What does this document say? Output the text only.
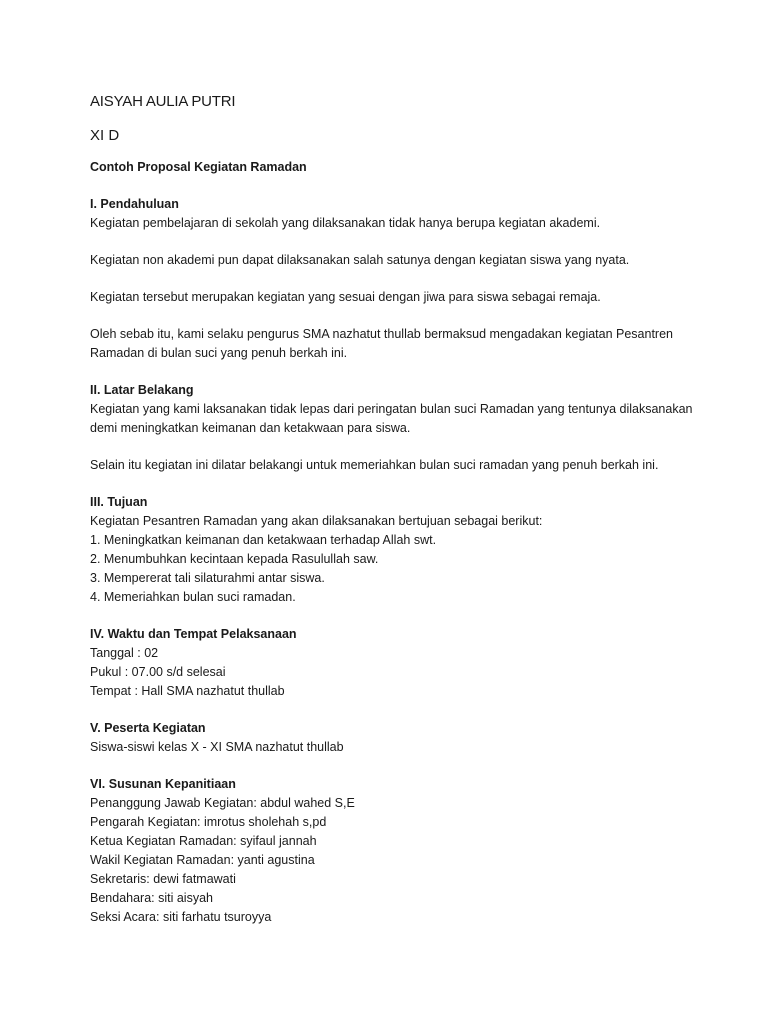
AISYAH AULIA PUTRI

XI D

Contoh Proposal Kegiatan Ramadan

I. Pendahuluan

Kegiatan pembelajaran di sekolah yang dilaksanakan tidak hanya berupa kegiatan akademi.

Kegiatan non akademi pun dapat dilaksanakan salah satunya dengan kegiatan siswa yang nyata.

Kegiatan tersebut merupakan kegiatan yang sesuai dengan jiwa para siswa sebagai remaja.

Oleh sebab itu, kami selaku pengurus SMA nazhatut thullab bermaksud mengadakan kegiatan Pesantren Ramadan di bulan suci yang penuh berkah ini.

II. Latar Belakang

Kegiatan yang kami laksanakan tidak lepas dari peringatan bulan suci Ramadan yang tentunya dilaksanakan demi meningkatkan keimanan dan ketakwaan para siswa.

Selain itu kegiatan ini dilatar belakangi untuk memeriahkan bulan suci ramadan yang penuh berkah ini.

III. Tujuan

Kegiatan Pesantren Ramadan yang akan dilaksanakan bertujuan sebagai berikut:

1. Meningkatkan keimanan dan ketakwaan terhadap Allah swt.

2. Menumbuhkan kecintaan kepada Rasulullah saw.

3. Mempererat tali silaturahmi antar siswa.

4. Memeriahkan bulan suci ramadan.

IV. Waktu dan Tempat Pelaksanaan

Tanggal : 02

Pukul : 07.00 s/d selesai

Tempat : Hall SMA nazhatut thullab

V. Peserta Kegiatan

Siswa-siswi kelas X - XI SMA nazhatut thullab

VI. Susunan Kepanitiaan

Penanggung Jawab Kegiatan: abdul wahed S,E

Pengarah Kegiatan: imrotus sholehah s,pd

Ketua Kegiatan Ramadan: syifaul jannah

Wakil Kegiatan Ramadan: yanti agustina

Sekretaris: dewi fatmawati

Bendahara: siti aisyah

Seksi Acara: siti farhatu tsuroyya
